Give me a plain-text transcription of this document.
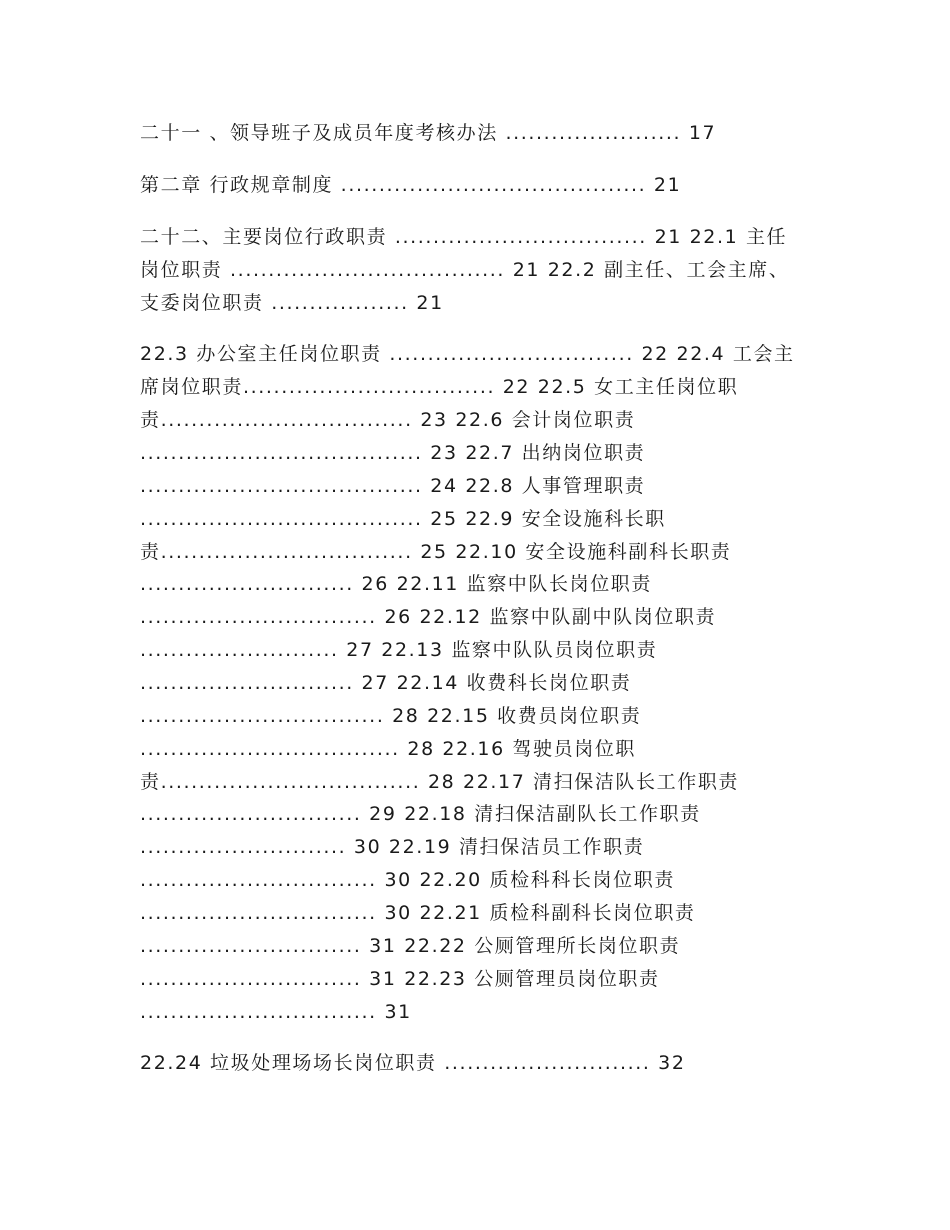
二十一 、领导班子及成员年度考核办法 ....................... 17
第二章 行政规章制度 ........................................ 21
二十二、主要岗位行政职责 ................................. 21 22.1 主任
岗位职责 .................................... 21 22.2 副主任、工会主席、
支委岗位职责 .................. 21
22.3 办公室主任岗位职责 ................................ 22 22.4 工会主
席岗位职责................................. 22 22.5 女工主任岗位职
责................................. 23 22.6 会计岗位职责
..................................... 23 22.7 出纳岗位职责
..................................... 24 22.8 人事管理职责
..................................... 25 22.9 安全设施科长职
责................................. 25 22.10 安全设施科副科长职责
............................ 26 22.11 监察中队长岗位职责
............................... 26 22.12 监察中队副中队岗位职责
.......................... 27 22.13 监察中队队员岗位职责
............................ 27 22.14 收费科长岗位职责
................................ 28 22.15 收费员岗位职责
.................................. 28 22.16 驾驶员岗位职
责.................................. 28 22.17 清扫保洁队长工作职责
............................. 29 22.18 清扫保洁副队长工作职责
........................... 30 22.19 清扫保洁员工作职责
............................... 30 22.20 质检科科长岗位职责
............................... 30 22.21 质检科副科长岗位职责
............................. 31 22.22 公厕管理所长岗位职责
............................. 31 22.23 公厕管理员岗位职责
............................... 31
22.24 垃圾处理场场长岗位职责 ........................... 32
